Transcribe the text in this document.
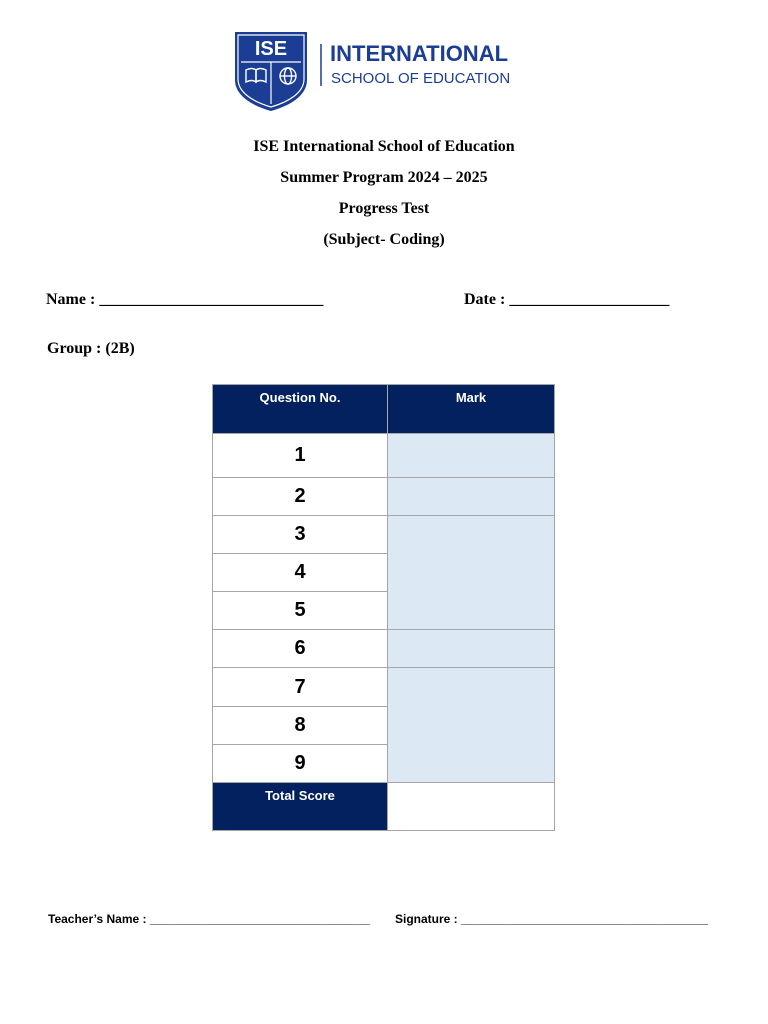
ISE INTERNATIONAL
SCHOOL OF EDUCATION
ISE International School of Education
Summer Program 2024 – 2025
Progress Test
(Subject- Coding)
Name : ____________________________	Date : ____________________
Group : (2B)
Question No.	Mark
1	
2	
3	
4	
5	
6	
7	
8	
9	
Total Score	
Teacher’s Name : _________________________________ Signature : _____________________________________
